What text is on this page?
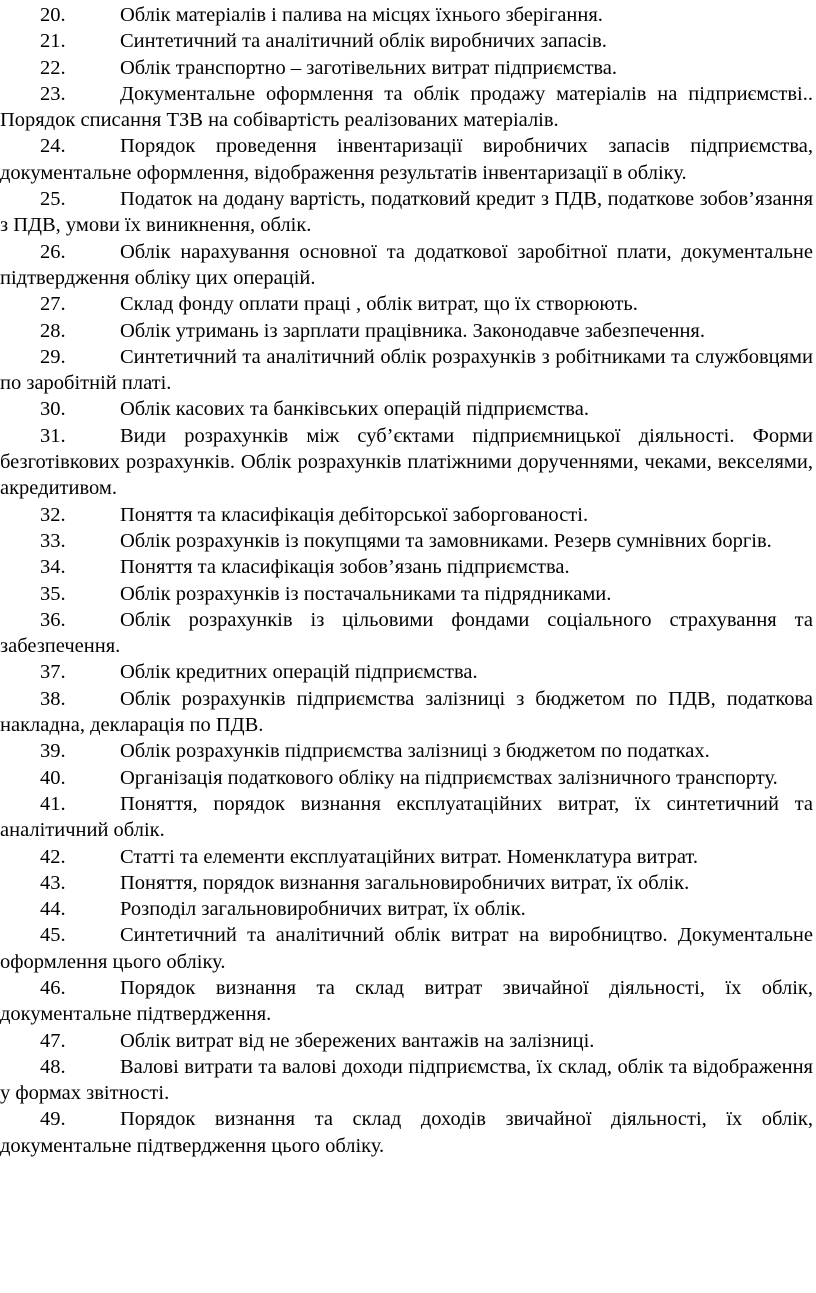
20.	Облік матеріалів і палива на місцях їхнього зберігання.

21.	Синтетичний та аналітичний облік виробничих запасів.

22.	Облік транспортно – заготівельних витрат підприємства.

23.	Документальне оформлення та облік продажу матеріалів на підприємстві.. Порядок списання ТЗВ на собівартість реалізованих матеріалів.

24.	Порядок проведення інвентаризації виробничих запасів підприємства, документальне оформлення, відображення результатів інвентаризації в обліку.

25.	Податок на додану вартість, податковий кредит з ПДВ, податкове зобов’язання з ПДВ, умови їх виникнення, облік.

26.	Облік нарахування основної та додаткової заробітної плати, документальне підтвердження обліку цих операцій.

27.	Склад фонду оплати праці , облік витрат, що їх створюють.

28.	Облік утримань із зарплати працівника. Законодавче забезпечення.

29.	Синтетичний та аналітичний облік розрахунків з робітниками та службовцями по заробітній платі.

30.	Облік касових та банківських операцій підприємства.

31.	Види розрахунків між суб’єктами підприємницької діяльності. Форми безготівкових розрахунків. Облік розрахунків платіжними дорученнями, чеками, векселями, акредитивом.

32.	Поняття та класифікація дебіторської заборгованості.

33.	Облік розрахунків із покупцями та замовниками. Резерв сумнівних боргів.

34.	Поняття та класифікація зобов’язань підприємства.

35.	Облік розрахунків із постачальниками та підрядниками.

36.	Облік розрахунків із цільовими фондами соціального страхування та забезпечення.

37.	Облік кредитних операцій підприємства.

38.	Облік розрахунків підприємства залізниці з бюджетом по ПДВ, податкова накладна, декларація по ПДВ.

39.	Облік розрахунків підприємства залізниці з бюджетом по податках.

40.	Організація податкового обліку на підприємствах залізничного транспорту.

41.	Поняття, порядок визнання експлуатаційних витрат, їх синтетичний та аналітичний облік.

42.	Статті та елементи експлуатаційних витрат. Номенклатура витрат.

43.	Поняття, порядок визнання загальновиробничих витрат, їх облік.

44.	Розподіл загальновиробничих витрат, їх облік.

45.	Синтетичний та аналітичний облік витрат на виробництво. Документальне оформлення цього обліку.

46.	Порядок визнання та склад витрат звичайної діяльності, їх облік, документальне підтвердження.

47.	Облік витрат від не збережених вантажів на залізниці.

48.	Валові витрати та валові доходи підприємства, їх склад, облік та відображення у формах звітності.

49.	Порядок визнання та склад доходів звичайної діяльності, їх облік, документальне підтвердження цього обліку.
